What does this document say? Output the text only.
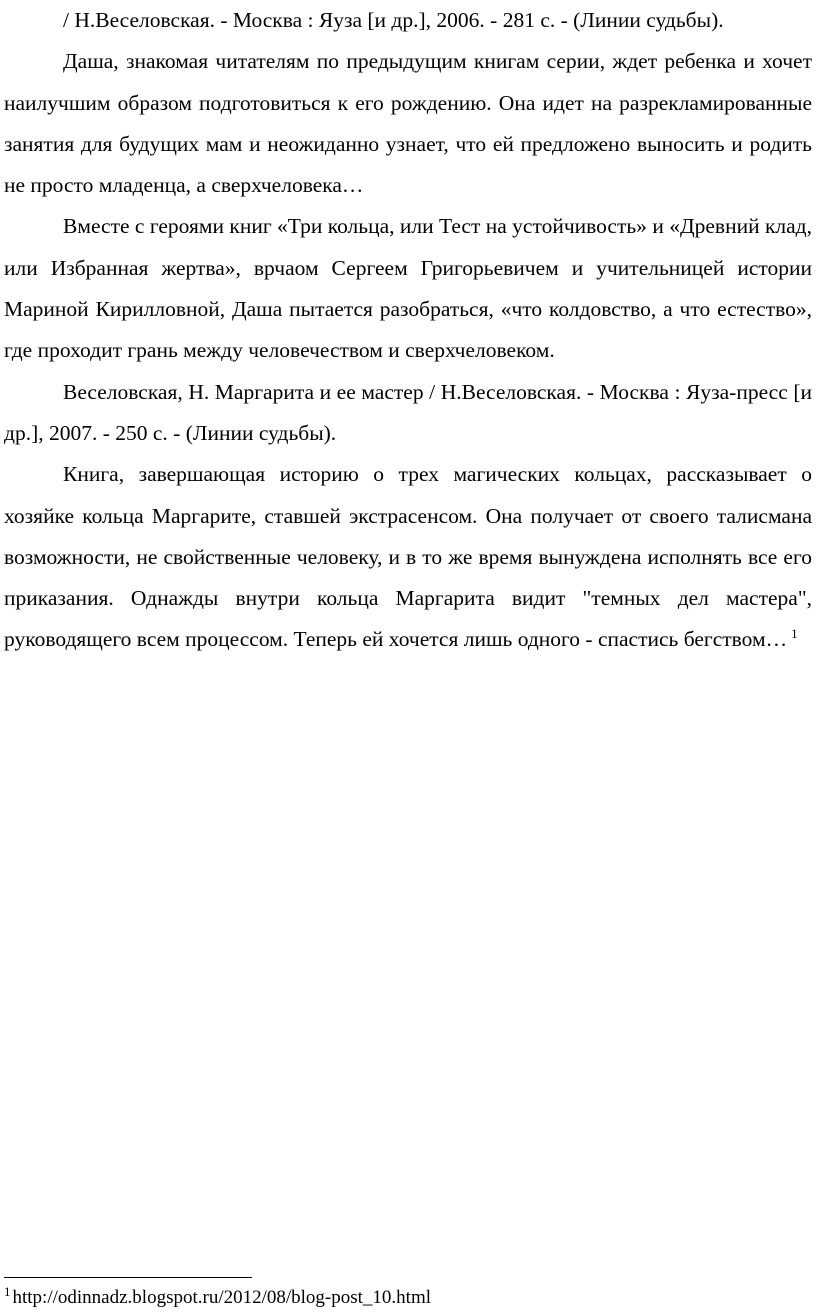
/ Н.Веселовская. - Москва : Яуза [и др.], 2006. - 281 с. - (Линии судьбы).

Даша, знакомая читателям по предыдущим книгам серии, ждет ребенка и хочет наилучшим образом подготовиться к его рождению. Она идет на разрекламированные занятия для будущих мам и неожиданно узнает, что ей предложено выносить и родить не просто младенца, а сверхчеловека…

Вместе с героями книг «Три кольца, или Тест на устойчивость» и «Древний клад, или Избранная жертва», врчаом Сергеем Григорьевичем и учительницей истории Мариной Кирилловной, Даша пытается разобраться, «что колдовство, а что естество», где проходит грань между человечеством и сверхчеловеком.

Веселовская, Н. Маргарита и ее мастер / Н.Веселовская. - Москва : Яуза-пресс [и др.], 2007. - 250 с. - (Линии судьбы).

Книга, завершающая историю о трех магических кольцах, рассказывает о хозяйке кольца Маргарите, ставшей экстрасенсом. Она получает от своего талисмана возможности, не свойственные человеку, и в то же время вынуждена исполнять все его приказания. Однажды внутри кольца Маргарита видит "темных дел мастера", руководящего всем процессом. Теперь ей хочется лишь одного - спастись бегством… $^1$

$^1$ http://odinnadz.blogspot.ru/2012/08/blog-post_10.html
